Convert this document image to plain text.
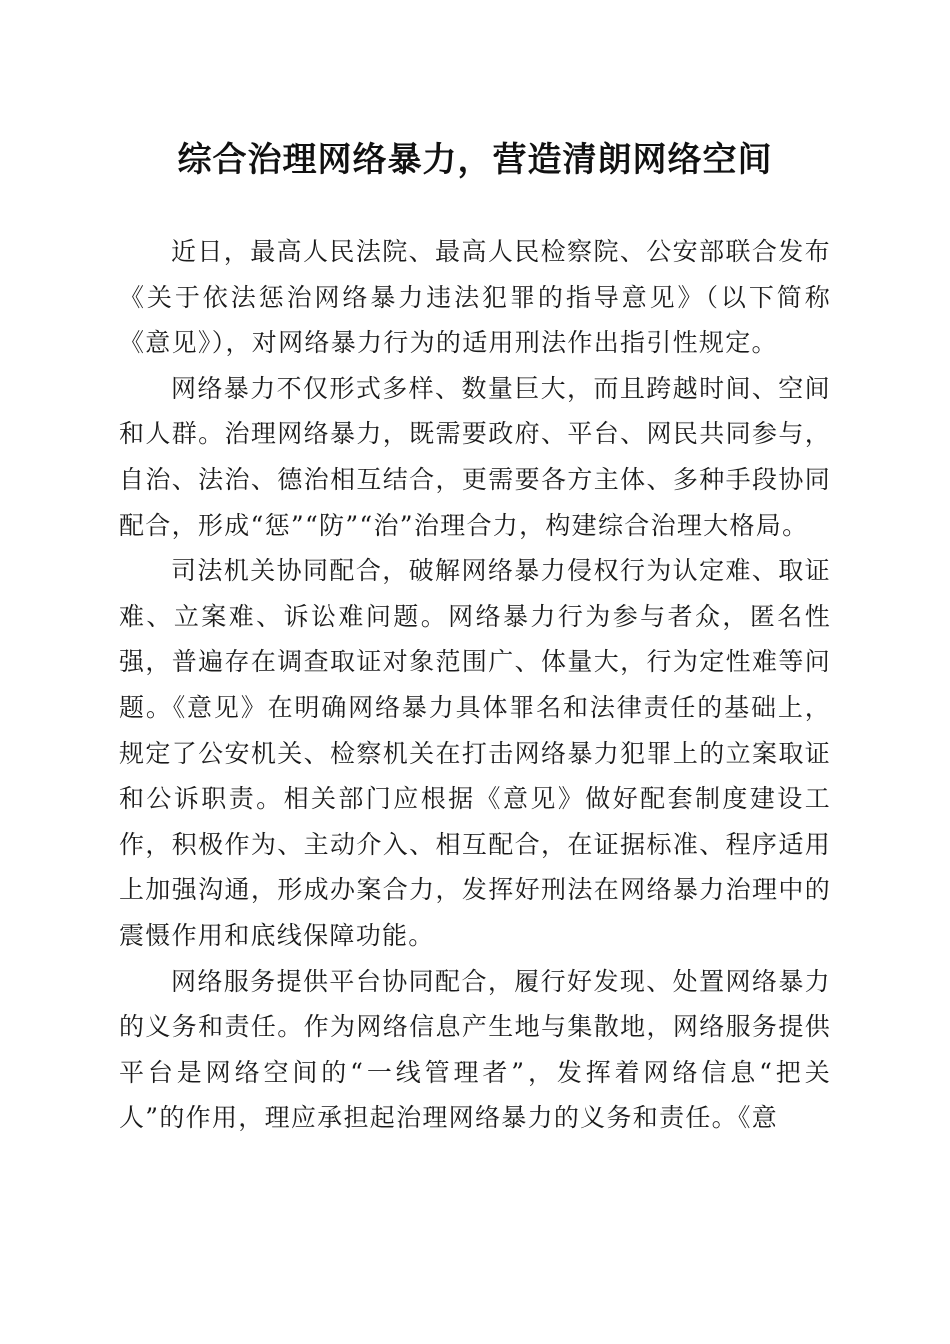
综合治理网络暴力，营造清朗网络空间

近日，最高人民法院、最高人民检察院、公安部联合发布《关于依法惩治网络暴力违法犯罪的指导意见》（以下简称《意见》），对网络暴力行为的适用刑法作出指引性规定。

网络暴力不仅形式多样、数量巨大，而且跨越时间、空间和人群。治理网络暴力，既需要政府、平台、网民共同参与，自治、法治、德治相互结合，更需要各方主体、多种手段协同配合，形成“惩”“防”“治”治理合力，构建综合治理大格局。

司法机关协同配合，破解网络暴力侵权行为认定难、取证难、立案难、诉讼难问题。网络暴力行为参与者众，匿名性强，普遍存在调查取证对象范围广、体量大，行为定性难等问题。《意见》在明确网络暴力具体罪名和法律责任的基础上，规定了公安机关、检察机关在打击网络暴力犯罪上的立案取证和公诉职责。相关部门应根据《意见》做好配套制度建设工作，积极作为、主动介入、相互配合，在证据标准、程序适用上加强沟通，形成办案合力，发挥好刑法在网络暴力治理中的震慑作用和底线保障功能。

网络服务提供平台协同配合，履行好发现、处置网络暴力的义务和责任。作为网络信息产生地与集散地，网络服务提供平台是网络空间的“一线管理者”，发挥着网络信息“把关人”的作用，理应承担起治理网络暴力的义务和责任。《意
